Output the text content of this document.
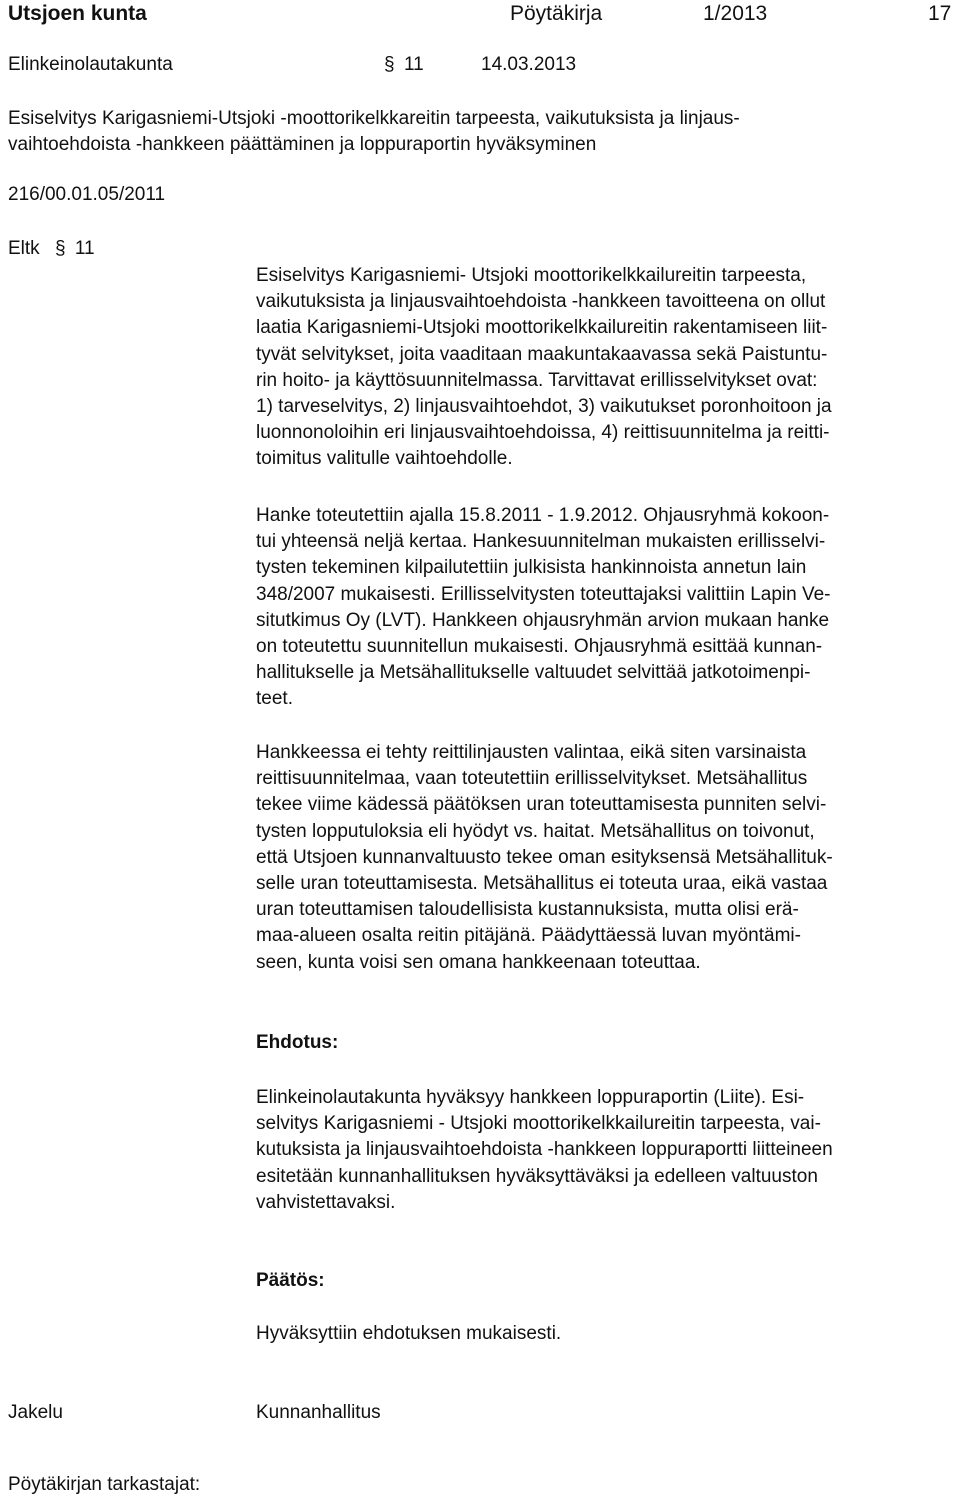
Utsjoen kunta	Pöytäkirja	1/2013	17
Elinkeinolautakunta	§ 11	14.03.2013
Esiselvitys Karigasniemi-Utsjoki -moottorikelkkareitin tarpeesta, vaikutuksista ja linjaus-
vaihtoehdoista -hankkeen päättäminen ja loppuraportin hyväksyminen
216/00.01.05/2011
Eltk § 11
Esiselvitys Karigasniemi- Utsjoki moottorikelkkailureitin tarpeesta,
vaikutuksista ja linjausvaihtoehdoista -hankkeen tavoitteena on ollut
laatia Karigasniemi-Utsjoki moottorikelkkailureitin rakentamiseen liit-
tyvät selvitykset, joita vaaditaan maakuntakaavassa sekä Paistuntu-
rin hoito- ja käyttösuunnitelmassa. Tarvittavat erillisselvitykset ovat:
1) tarveselvitys, 2) linjausvaihtoehdot, 3) vaikutukset poronhoitoon ja
luonnonoloihin eri linjausvaihtoehdoissa, 4) reittisuunnitelma ja reitti-
toimitus valitulle vaihtoehdolle.
Hanke toteutettiin ajalla 15.8.2011 - 1.9.2012. Ohjausryhmä kokoon-
tui yhteensä neljä kertaa. Hankesuunnitelman mukaisten erillisselvi-
tysten tekeminen kilpailutettiin julkisista hankinnoista annetun lain
348/2007 mukaisesti. Erillisselvitysten toteuttajaksi valittiin Lapin Ve-
situtkimus Oy (LVT). Hankkeen ohjausryhmän arvion mukaan hanke
on toteutettu suunnitellun mukaisesti. Ohjausryhmä esittää kunnan-
hallitukselle ja Metsähallitukselle valtuudet selvittää jatkotoimenpi-
teet.
Hankkeessa ei tehty reittilinjausten valintaa, eikä siten varsinaista
reittisuunnitelmaa, vaan toteutettiin erillisselvitykset. Metsähallitus
tekee viime kädessä päätöksen uran toteuttamisesta punniten selvi-
tysten lopputuloksia eli hyödyt vs. haitat. Metsähallitus on toivonut,
että Utsjoen kunnanvaltuusto tekee oman esityksensä Metsähallituk-
selle uran toteuttamisesta. Metsähallitus ei toteuta uraa, eikä vastaa
uran toteuttamisen taloudellisista kustannuksista, mutta olisi erä-
maa-alueen osalta reitin pitäjänä. Päädyttäessä luvan myöntämi-
seen, kunta voisi sen omana hankkeenaan toteuttaa.
Ehdotus:
Elinkeinolautakunta hyväksyy hankkeen loppuraportin (Liite). Esi-
selvitys Karigasniemi - Utsjoki moottorikelkkailureitin tarpeesta, vai-
kutuksista ja linjausvaihtoehdoista -hankkeen loppuraportti liitteineen
esitetään kunnanhallituksen hyväksyttäväksi ja edelleen valtuuston
vahvistettavaksi.
Päätös:
Hyväksyttiin ehdotuksen mukaisesti.
Jakelu	Kunnanhallitus
Pöytäkirjan tarkastajat:
